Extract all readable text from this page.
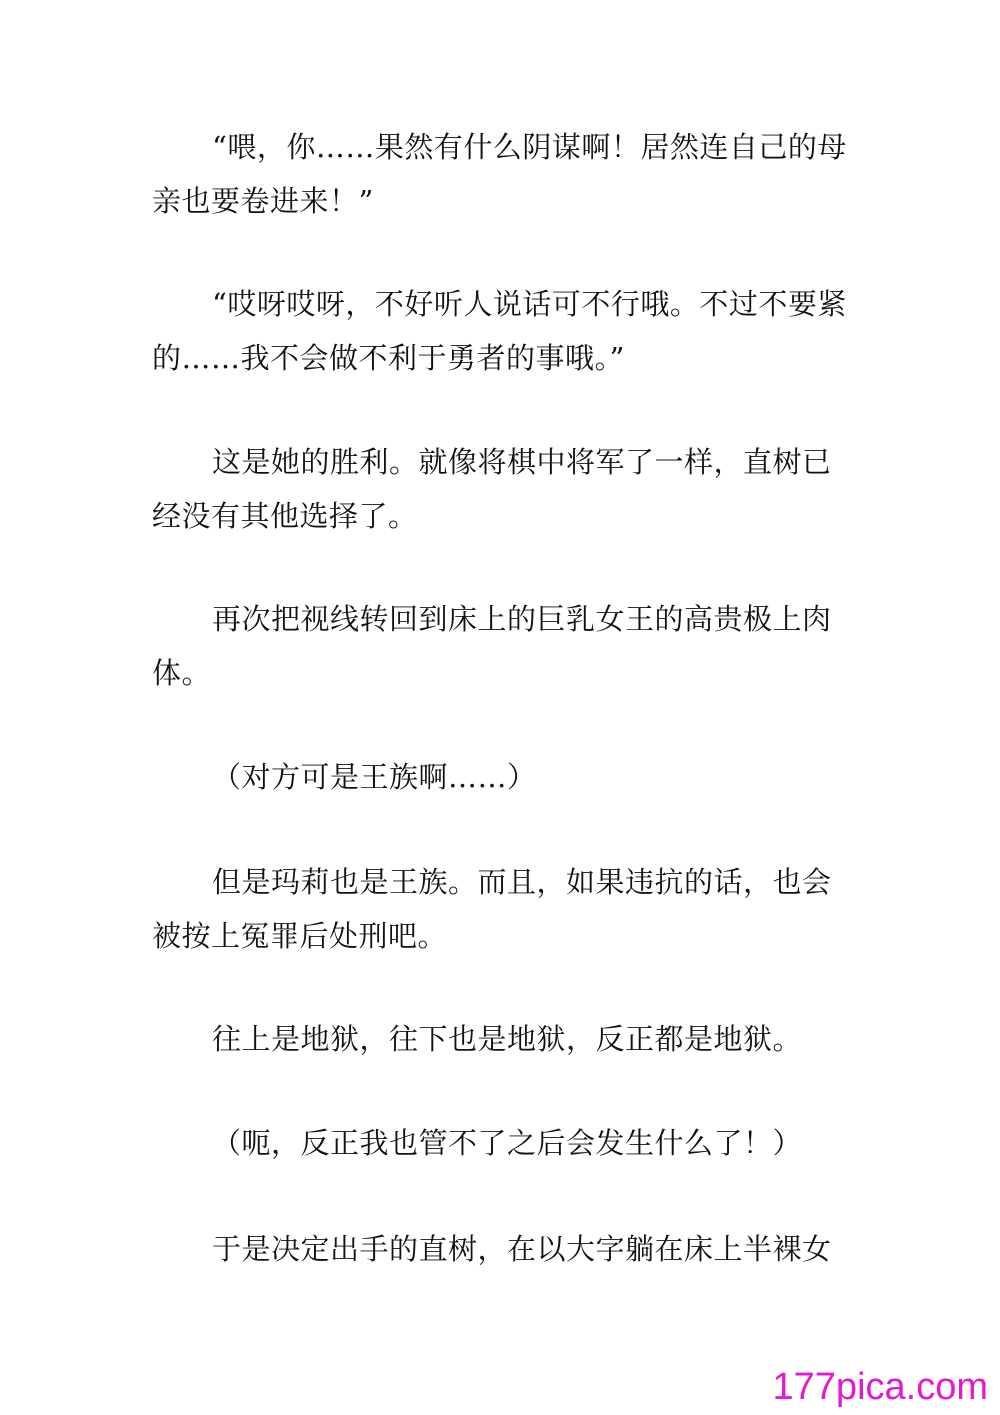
“喂，你……果然有什么阴谋啊！居然连自己的母亲也要卷进来！”

“哎呀哎呀，不好听人说话可不行哦。不过不要紧的……我不会做不利于勇者的事哦。”

这是她的胜利。就像将棋中将军了一样，直树已经没有其他选择了。

再次把视线转回到床上的巨乳女王的高贵极上肉体。

（对方可是王族啊……）

但是玛莉也是王族。而且，如果违抗的话，也会被按上冤罪后处刑吧。

往上是地狱，往下也是地狱，反正都是地狱。

（呃，反正我也管不了之后会发生什么了！）

于是决定出手的直树，在以大字躺在床上半裸女

177pica.com
